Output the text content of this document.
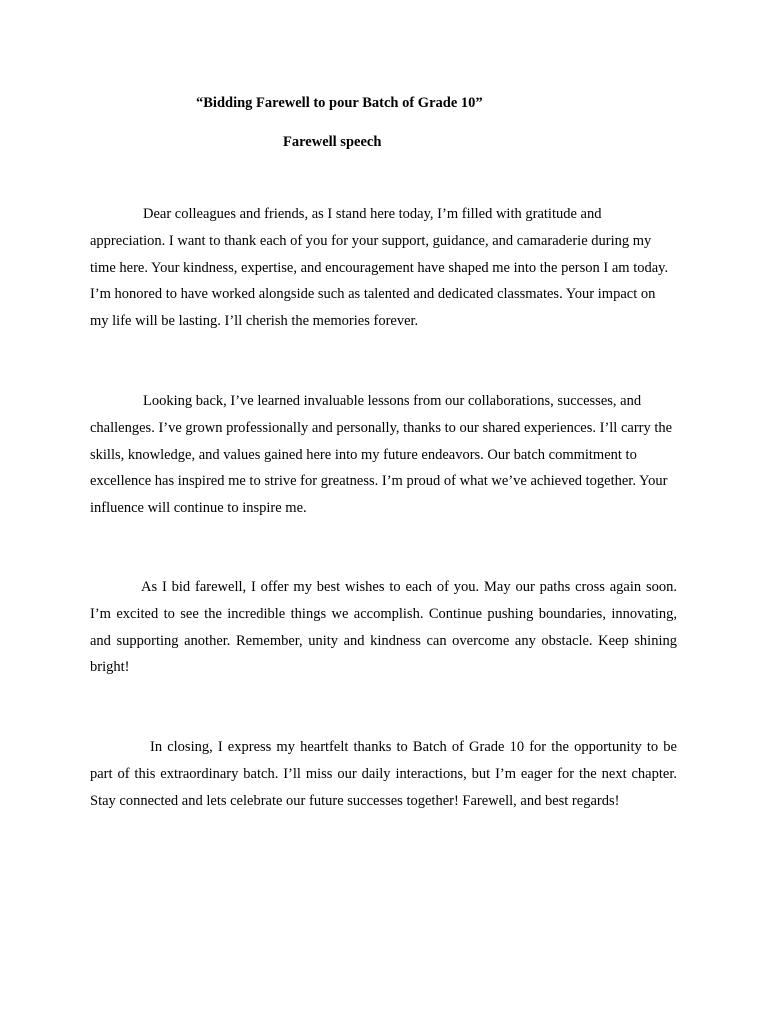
“Bidding Farewell to pour Batch of Grade 10”
Farewell speech

Dear colleagues and friends, as I stand here today, I’m filled with gratitude and appreciation. I want to thank each of you for your support, guidance, and camaraderie during my time here. Your kindness, expertise, and encouragement have shaped me into the person I am today. I’m honored to have worked alongside such as talented and dedicated classmates. Your impact on my life will be lasting. I’ll cherish the memories forever.

Looking back, I’ve learned invaluable lessons from our collaborations, successes, and challenges. I’ve grown professionally and personally, thanks to our shared experiences. I’ll carry the skills, knowledge, and values gained here into my future endeavors. Our batch commitment to excellence has inspired me to strive for greatness. I’m proud of what we’ve achieved together. Your influence will continue to inspire me.

As I bid farewell, I offer my best wishes to each of you. May our paths cross again soon. I’m excited to see the incredible things we accomplish. Continue pushing boundaries, innovating, and supporting another. Remember, unity and kindness can overcome any obstacle. Keep shining bright!

In closing, I express my heartfelt thanks to Batch of Grade 10 for the opportunity to be part of this extraordinary batch. I’ll miss our daily interactions, but I’m eager for the next chapter. Stay connected and lets celebrate our future successes together! Farewell, and best regards!
